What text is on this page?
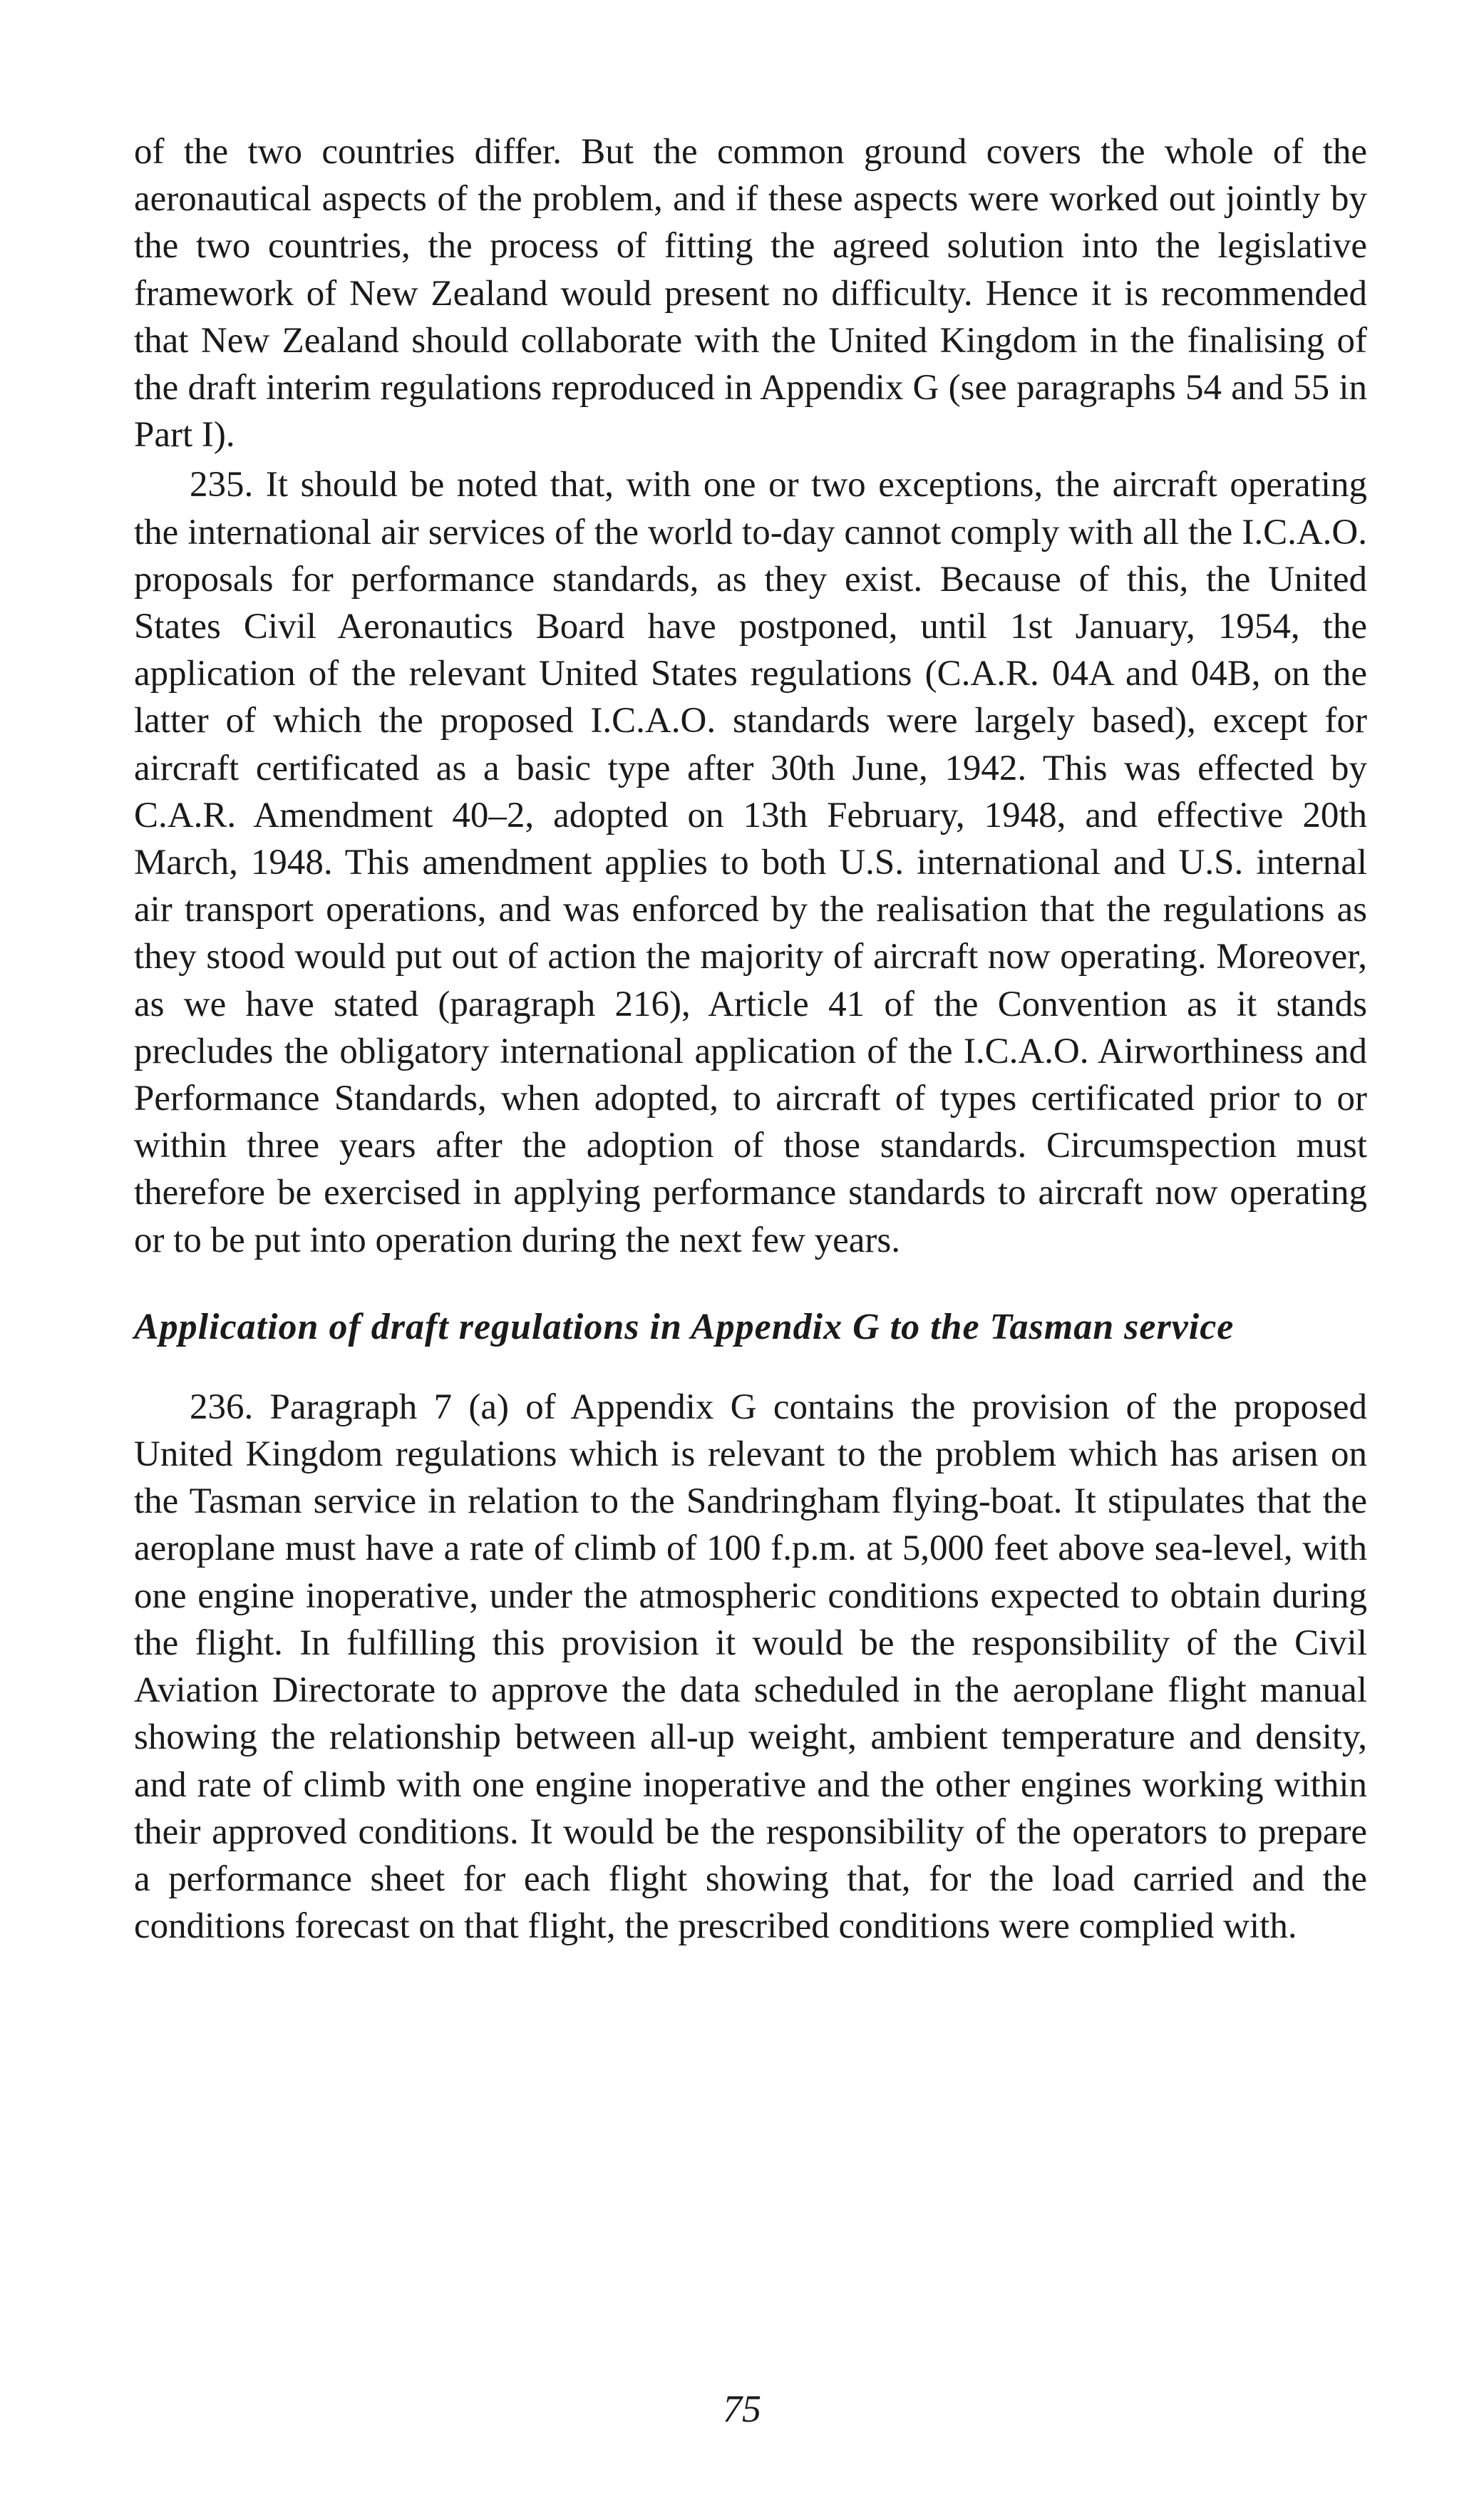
of the two countries differ. But the common ground covers the whole of the aeronautical aspects of the problem, and if these aspects were worked out jointly by the two countries, the process of fitting the agreed solution into the legislative framework of New Zealand would present no difficulty. Hence it is recommended that New Zealand should collaborate with the United Kingdom in the finalising of the draft interim regulations reproduced in Appendix G (see paragraphs 54 and 55 in Part I).

235. It should be noted that, with one or two exceptions, the aircraft operating the international air services of the world to-day cannot comply with all the I.C.A.O. proposals for performance standards, as they exist. Because of this, the United States Civil Aeronautics Board have postponed, until 1st January, 1954, the application of the relevant United States regulations (C.A.R. 04A and 04B, on the latter of which the proposed I.C.A.O. standards were largely based), except for aircraft certificated as a basic type after 30th June, 1942. This was effected by C.A.R. Amendment 40–2, adopted on 13th February, 1948, and effective 20th March, 1948. This amendment applies to both U.S. international and U.S. internal air transport operations, and was enforced by the realisation that the regulations as they stood would put out of action the majority of aircraft now operating. Moreover, as we have stated (paragraph 216), Article 41 of the Convention as it stands precludes the obligatory international application of the I.C.A.O. Airworthiness and Performance Standards, when adopted, to aircraft of types certificated prior to or within three years after the adoption of those standards. Circumspection must therefore be exercised in applying performance standards to aircraft now operating or to be put into operation during the next few years.

Application of draft regulations in Appendix G to the Tasman service

236. Paragraph 7 (a) of Appendix G contains the provision of the proposed United Kingdom regulations which is relevant to the problem which has arisen on the Tasman service in relation to the Sandringham flying-boat. It stipulates that the aeroplane must have a rate of climb of 100 f.p.m. at 5,000 feet above sea-level, with one engine inoperative, under the atmospheric conditions expected to obtain during the flight. In fulfilling this provision it would be the responsibility of the Civil Aviation Directorate to approve the data scheduled in the aeroplane flight manual showing the relationship between all-up weight, ambient temperature and density, and rate of climb with one engine inoperative and the other engines working within their approved conditions. It would be the responsibility of the operators to prepare a performance sheet for each flight showing that, for the load carried and the conditions forecast on that flight, the prescribed conditions were complied with.

75
